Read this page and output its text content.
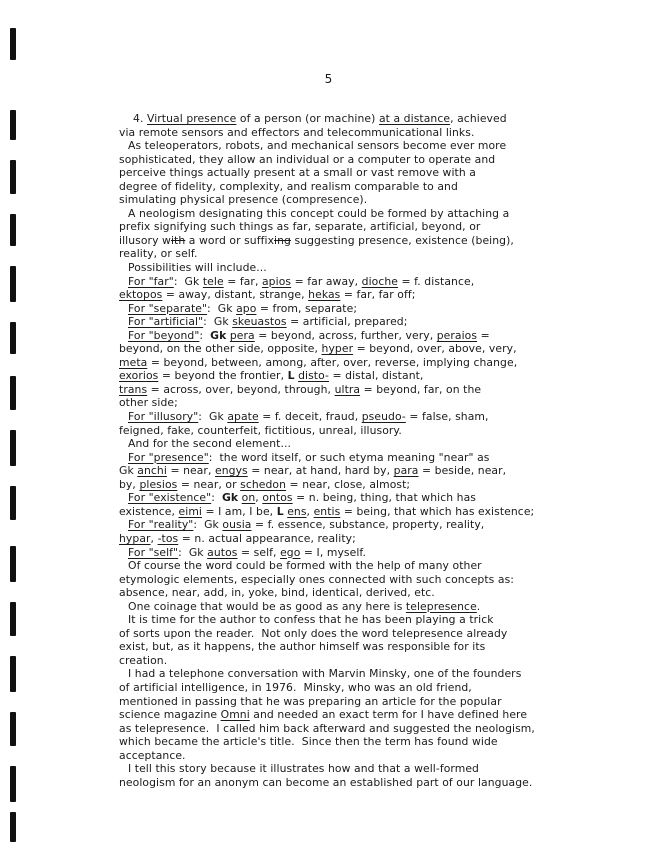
5
4. Virtual presence of a person (or machine) at a distance, achieved
via remote sensors and effectors and telecommunicational links.
As teleoperators, robots, and mechanical sensors become ever more
sophisticated, they allow an individual or a computer to operate and
perceive things actually present at a small or vast remove with a
degree of fidelity, complexity, and realism comparable to and
simulating physical presence (compresence).
A neologism designating this concept could be formed by attaching a
prefix signifying such things as far, separate, artificial, beyond, or
illusory with a word or suffixing suggesting presence, existence (being),
reality, or self.
Possibilities will include...
For "far":  Gk tele = far, apios = far away, dioche = f. distance,
ektopos = away, distant, strange, hekas = far, far off;
For "separate":  Gk apo = from, separate;
For "artificial":  Gk skeuastos = artificial, prepared;
For "beyond":  Gk pera = beyond, across, further, very, peraios =
beyond, on the other side, opposite, hyper = beyond, over, above, very,
meta = beyond, between, among, after, over, reverse, implying change,
exorios = beyond the frontier, L disto- = distal, distant,
trans = across, over, beyond, through, ultra = beyond, far, on the
other side;
For "illusory":  Gk apate = f. deceit, fraud, pseudo- = false, sham,
feigned, fake, counterfeit, fictitious, unreal, illusory.
And for the second element...
For "presence":  the word itself, or such etyma meaning "near" as
Gk anchi = near, engys = near, at hand, hard by, para = beside, near,
by, plesios = near, or schedon = near, close, almost;
For "existence":  Gk on, ontos = n. being, thing, that which has
existence, eimi = I am, I be, L ens, entis = being, that which has existence;
For "reality":  Gk ousia = f. essence, substance, property, reality,
hypar, -tos = n. actual appearance, reality;
For "self":  Gk autos = self, ego = I, myself.
Of course the word could be formed with the help of many other
etymologic elements, especially ones connected with such concepts as:
absence, near, add, in, yoke, bind, identical, derived, etc.
One coinage that would be as good as any here is telepresence.
It is time for the author to confess that he has been playing a trick
of sorts upon the reader.  Not only does the word telepresence already
exist, but, as it happens, the author himself was responsible for its
creation.
I had a telephone conversation with Marvin Minsky, one of the founders
of artificial intelligence, in 1976.  Minsky, who was an old friend,
mentioned in passing that he was preparing an article for the popular
science magazine Omni and needed an exact term for I have defined here
as telepresence.  I called him back afterward and suggested the neologism,
which became the article's title.  Since then the term has found wide
acceptance.
I tell this story because it illustrates how and that a well-formed
neologism for an anonym can become an established part of our language.
